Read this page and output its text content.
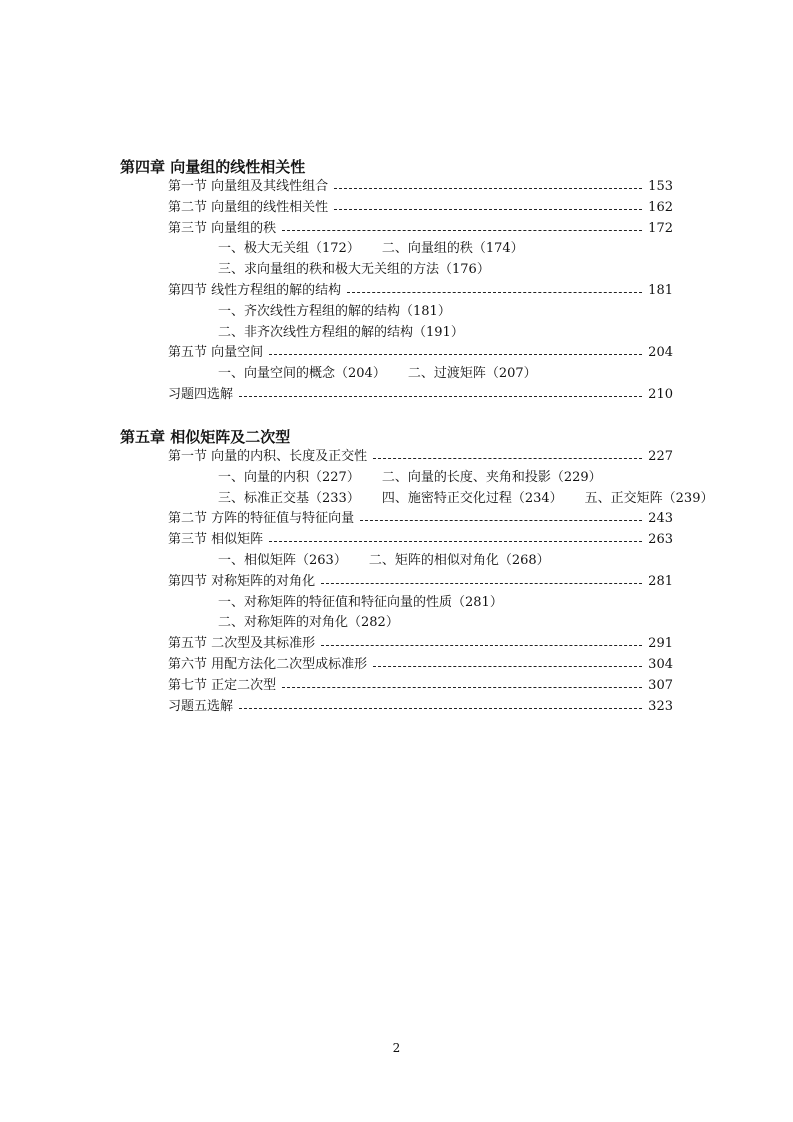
第四章 向量组的线性相关性
第一节 向量组及其线性组合	153
第二节 向量组的线性相关性	162
第三节 向量组的秩	172
一、极大无关组（172） 二、向量组的秩（174）
三、求向量组的秩和极大无关组的方法（176）
第四节 线性方程组的解的结构	181
一、齐次线性方程组的解的结构（181）
二、非齐次线性方程组的解的结构（191）
第五节 向量空间	204
一、向量空间的概念（204） 二、过渡矩阵（207）
习题四选解	210
第五章 相似矩阵及二次型
第一节 向量的内积、长度及正交性	227
一、向量的内积（227） 二、向量的长度、夹角和投影（229）
三、标准正交基（233） 四、施密特正交化过程（234） 五、正交矩阵（239）
第二节 方阵的特征值与特征向量	243
第三节 相似矩阵	263
一、相似矩阵（263） 二、矩阵的相似对角化（268）
第四节 对称矩阵的对角化	281
一、对称矩阵的特征值和特征向量的性质（281）
二、对称矩阵的对角化（282）
第五节 二次型及其标准形	291
第六节 用配方法化二次型成标准形	304
第七节 正定二次型	307
习题五选解	323
2
